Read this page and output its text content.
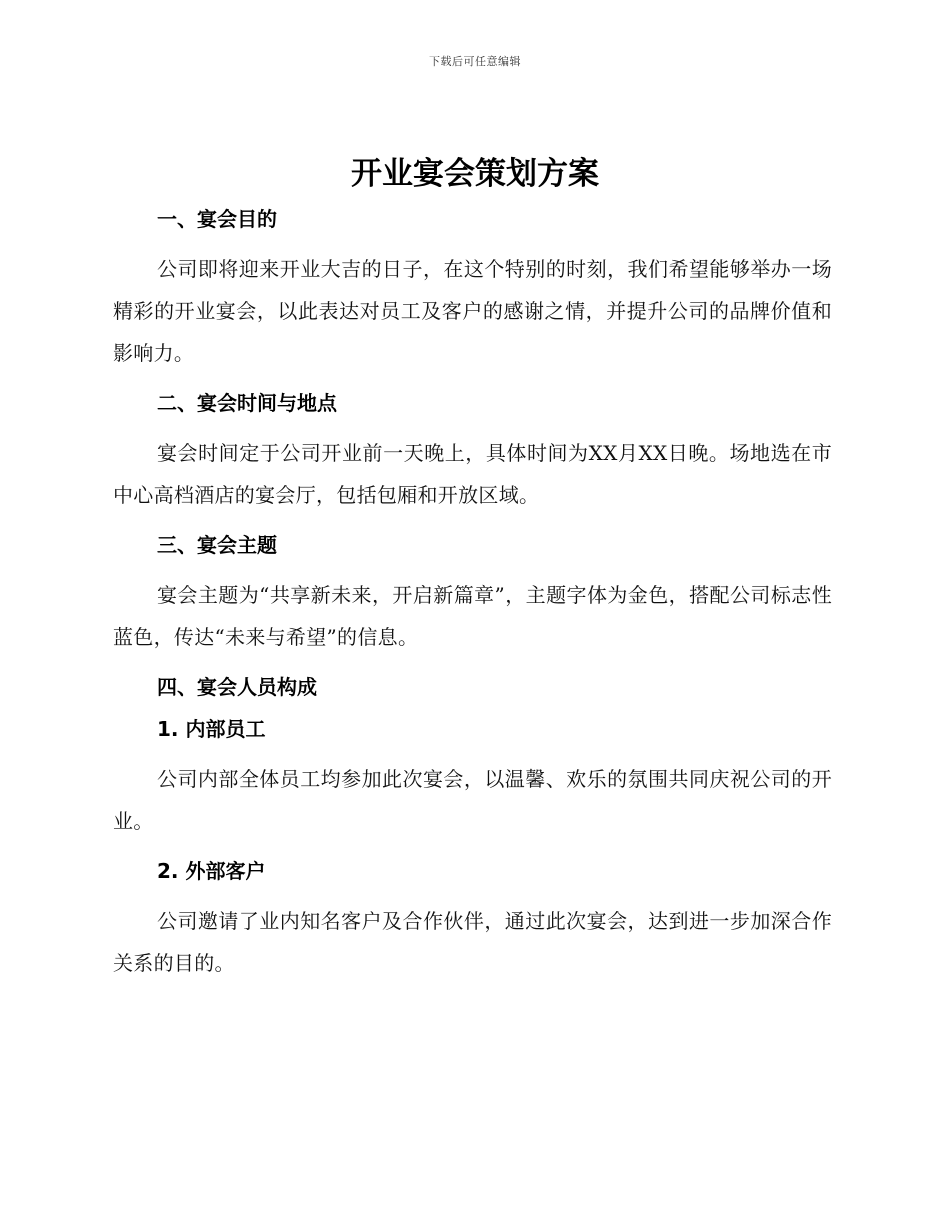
下载后可任意编辑
开业宴会策划方案
一、宴会目的

公司即将迎来开业大吉的日子，在这个特别的时刻，我们希望能够举办一场精彩的开业宴会，以此表达对员工及客户的感谢之情，并提升公司的品牌价值和影响力。

二、宴会时间与地点

宴会时间定于公司开业前一天晚上，具体时间为XX月XX日晚。场地选在市中心高档酒店的宴会厅，包括包厢和开放区域。

三、宴会主题

宴会主题为“共享新未来，开启新篇章”，主题字体为金色，搭配公司标志性蓝色，传达“未来与希望”的信息。

四、宴会人员构成
1. 内部员工

公司内部全体员工均参加此次宴会，以温馨、欢乐的氛围共同庆祝公司的开业。

2. 外部客户

公司邀请了业内知名客户及合作伙伴，通过此次宴会，达到进一步加深合作关系的目的。
